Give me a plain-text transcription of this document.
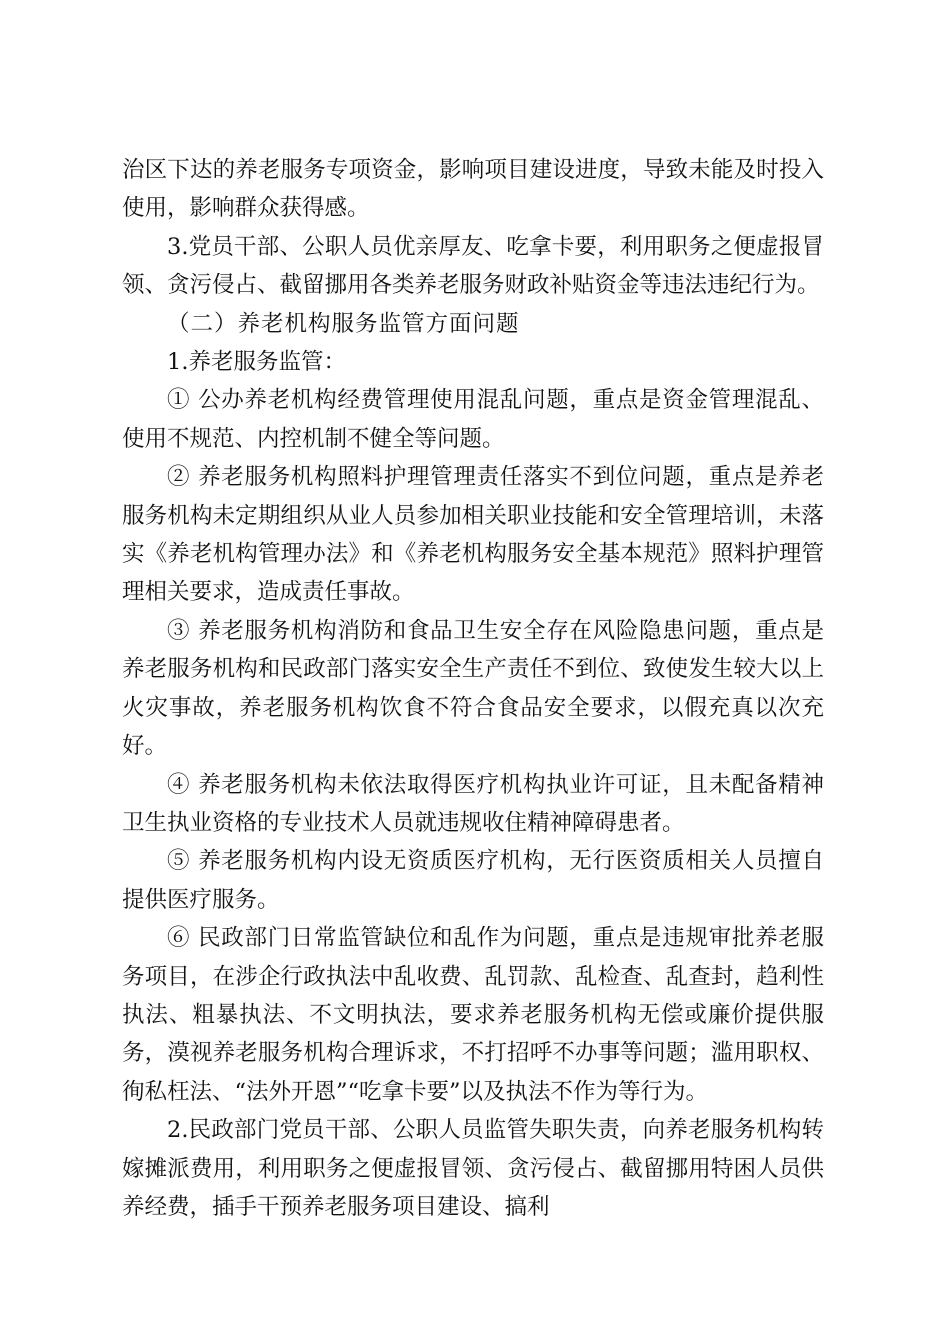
治区下达的养老服务专项资金，影响项目建设进度，导致未能及时投入使用，影响群众获得感。

3.党员干部、公职人员优亲厚友、吃拿卡要，利用职务之便虚报冒领、贪污侵占、截留挪用各类养老服务财政补贴资金等违法违纪行为。

（二）养老机构服务监管方面问题

1.养老服务监管：

① 公办养老机构经费管理使用混乱问题，重点是资金管理混乱、使用不规范、内控机制不健全等问题。

② 养老服务机构照料护理管理责任落实不到位问题，重点是养老服务机构未定期组织从业人员参加相关职业技能和安全管理培训，未落实《养老机构管理办法》和《养老机构服务安全基本规范》照料护理管理相关要求，造成责任事故。

③ 养老服务机构消防和食品卫生安全存在风险隐患问题，重点是养老服务机构和民政部门落实安全生产责任不到位、致使发生较大以上火灾事故，养老服务机构饮食不符合食品安全要求，以假充真以次充好。

④ 养老服务机构未依法取得医疗机构执业许可证，且未配备精神卫生执业资格的专业技术人员就违规收住精神障碍患者。

⑤ 养老服务机构内设无资质医疗机构，无行医资质相关人员擅自提供医疗服务。

⑥ 民政部门日常监管缺位和乱作为问题，重点是违规审批养老服务项目，在涉企行政执法中乱收费、乱罚款、乱检查、乱查封，趋利性执法、粗暴执法、不文明执法，要求养老服务机构无偿或廉价提供服务，漠视养老服务机构合理诉求，不打招呼不办事等问题；滥用职权、徇私枉法、“法外开恩”“吃拿卡要”以及执法不作为等行为。

2.民政部门党员干部、公职人员监管失职失责，向养老服务机构转嫁摊派费用，利用职务之便虚报冒领、贪污侵占、截留挪用特困人员供养经费，插手干预养老服务项目建设、搞利
